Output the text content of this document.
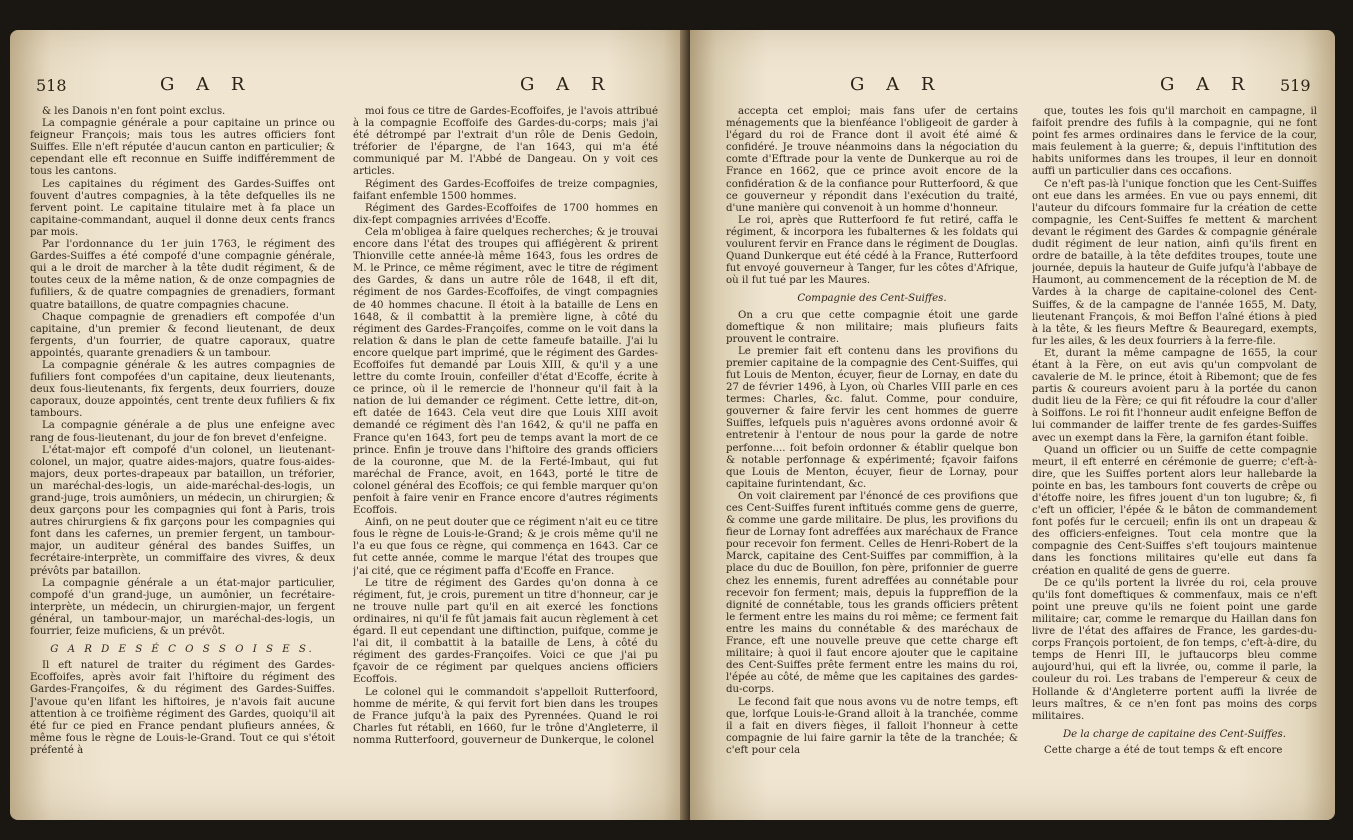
518	G A R	G A R

& les Danois n'en font point exclus.

La compagnie générale a pour capitaine un prince ou feigneur François; mais tous les autres officiers font Suiffes. Elle n'eft réputée d'aucun canton en particulier; & cependant elle eft reconnue en Suiffe indifféremment de tous les cantons.

Les capitaines du régiment des Gardes-Suiffes ont fouvent d'autres compagnies, à la tête defquelles ils ne fervent point. Le capitaine titulaire met à fa place un capitaine-commandant, auquel il donne deux cents francs par mois.

Par l'ordonnance du 1er juin 1763, le régiment des Gardes-Suiffes a été compofé d'une compagnie générale, qui a le droit de marcher à la tête dudit régiment, & de toutes ceux de la même nation, & de onze compagnies de fufiliers, & de quatre compagnies de grenadiers, formant quatre bataillons, de quatre compagnies chacune.

Chaque compagnie de grenadiers eft compofée d'un capitaine, d'un premier & fecond lieutenant, de deux fergents, d'un fourrier, de quatre caporaux, quatre appointés, quarante grenadiers & un tambour.

La compagnie générale & les autres compagnies de fufiliers font compofées d'un capitaine, deux lieutenants, deux fous-lieutenants, fix fergents, deux fourriers, douze caporaux, douze appointés, cent trente deux fufiliers & fix tambours.

La compagnie générale a de plus une enfeigne avec rang de fous-lieutenant, du jour de fon brevet d'enfeigne.

L'état-major eft compofé d'un colonel, un lieutenant-colonel, un major, quatre aides-majors, quatre fous-aides-majors, deux portes-drapeaux par bataillon, un tréforier, un maréchal-des-logis, un aide-maréchal-des-logis, un grand-juge, trois aumôniers, un médecin, un chirurgien; & deux garçons pour les compagnies qui font à Paris, trois autres chirurgiens & fix garçons pour les compagnies qui font dans les cafernes, un premier fergent, un tambour-major, un auditeur général des bandes Suiffes, un fecrétaire-interprète, un commiffaire des vivres, & deux prévôts par bataillon.

La compagnie générale a un état-major particulier, compofé d'un grand-juge, un aumônier, un fecrétaire-interprète, un médecin, un chirurgien-major, un fergent général, un tambour-major, un maréchal-des-logis, un fourrier, feize muficiens, & un prévôt.

G A R D E S É C O S S O I S E S.

Il eft naturel de traiter du régiment des Gardes-Ecoffoifes, après avoir fait l'hiftoire du régiment des Gardes-Françoifes, & du régiment des Gardes-Suiffes. J'avoue qu'en lifant les hiftoires, je n'avois fait aucune attention à ce troifième régiment des Gardes, quoiqu'il ait été fur ce pied en France pendant plufieurs années, & même fous le règne de Louis-le-Grand. Tout ce qui s'étoit préfenté à

moi fous ce titre de Gardes-Ecoffoifes, je l'avois attribué à la compagnie Ecoffoife des Gardes-du-corps; mais j'ai été détrompé par l'extrait d'un rôle de Denis Gedoin, tréforier de l'épargne, de l'an 1643, qui m'a été communiqué par M. l'Abbé de Dangeau. On y voit ces articles.

Régiment des Gardes-Ecoffoifes de treize compagnies, faifant enfemble 1500 hommes.

Régiment des Gardes-Ecoffoifes de 1700 hommes en dix-fept compagnies arrivées d'Ecoffe.

Cela m'obligea à faire quelques recherches; & je trouvai encore dans l'état des troupes qui affiégèrent & prirent Thionville cette année-là même 1643, fous les ordres de M. le Prince, ce même régiment, avec le titre de régiment des Gardes, & dans un autre rôle de 1648, il eft dit, régiment de nos Gardes-Ecoffoifes, de vingt compagnies de 40 hommes chacune. Il étoit à la bataille de Lens en 1648, & il combattit à la première ligne, à côté du régiment des Gardes-Françoifes, comme on le voit dans la relation & dans le plan de cette fameufe bataille. J'ai lu encore quelque part imprimé, que le régiment des Gardes-Ecoffoifes fut demandé par Louis XIII, & qu'il y a une lettre du comte Irouin, confeiller d'état d'Ecoffe, écrite à ce prince, où il le remercie de l'honneur qu'il fait à la nation de lui demander ce régiment. Cette lettre, dit-on, eft datée de 1643. Cela veut dire que Louis XIII avoit demandé ce régiment dès l'an 1642, & qu'il ne paffa en France qu'en 1643, fort peu de temps avant la mort de ce prince. Enfin je trouve dans l'hiftoire des grands officiers de la couronne, que M. de la Ferté-Imbaut, qui fut maréchal de France, avoit, en 1643, porté le titre de colonel général des Ecoffois; ce qui femble marquer qu'on penfoit à faire venir en France encore d'autres régiments Ecoffois.

Ainfi, on ne peut douter que ce régiment n'ait eu ce titre fous le règne de Louis-le-Grand; & je crois même qu'il ne l'a eu que fous ce règne, qui commença en 1643. Car ce fut cette année, comme le marque l'état des troupes que j'ai cité, que ce régiment paffa d'Ecoffe en France.

Le titre de régiment des Gardes qu'on donna à ce régiment, fut, je crois, purement un titre d'honneur, car je ne trouve nulle part qu'il en ait exercé les fonctions ordinaires, ni qu'il fe fût jamais fait aucun règlement à cet égard. Il eut cependant une diftinction, puifque, comme je l'ai dit, il combattit à la bataille de Lens, à côté du régiment des gardes-Françoifes. Voici ce que j'ai pu fçavoir de ce régiment par quelques anciens officiers Ecoffois.

Le colonel qui le commandoit s'appelloit Rutterfoord, homme de mérite, & qui fervit fort bien dans les troupes de France jufqu'à la paix des Pyrennées. Quand le roi Charles fut rétabli, en 1660, fur le trône d'Angleterre, il nomma Rutterfoord, gouverneur de Dunkerque, le colonel

G A R	G A R 519

accepta cet emploi; mais fans ufer de certains ménagements que la bienféance l'obligeoit de garder à l'égard du roi de France dont il avoit été aimé & confidéré. Je trouve néanmoins dans la négociation du comte d'Eftrade pour la vente de Dunkerque au roi de France en 1662, que ce prince avoit encore de la confidération & de la confiance pour Rutterfoord, & que ce gouverneur y répondit dans l'exécution du traité, d'une manière qui convenoit à un homme d'honneur.

Le roi, après que Rutterfoord fe fut retiré, caffa le régiment, & incorpora les fubalternes & les foldats qui voulurent fervir en France dans le régiment de Douglas. Quand Dunkerque eut été cédé à la France, Rutterfoord fut envoyé gouverneur à Tanger, fur les côtes d'Afrique, où il fut tué par les Maures.

Compagnie des Cent-Suiffes.

On a cru que cette compagnie étoit une garde domeftique & non militaire; mais plufieurs faits prouvent le contraire.

Le premier fait eft contenu dans les provifions du premier capitaine de la compagnie des Cent-Suiffes, qui fut Louis de Menton, écuyer, fieur de Lornay, en date du 27 de février 1496, à Lyon, où Charles VIII parle en ces termes: Charles, &c. falut. Comme, pour conduire, gouverner & faire fervir les cent hommes de guerre Suiffes, lefquels puis n'aguères avons ordonné avoir & entretenir à l'entour de nous pour la garde de notre perfonne.... foit befoin ordonner & établir quelque bon & notable perfonnage & expérimenté; fçavoir faifons que Louis de Menton, écuyer, fieur de Lornay, pour capitaine furintendant, &c.

On voit clairement par l'énoncé de ces provifions que ces Cent-Suiffes furent inftitués comme gens de guerre, & comme une garde militaire. De plus, les provifions du fieur de Lornay font adreffées aux maréchaux de France pour recevoir fon ferment. Celles de Henri-Robert de la Marck, capitaine des Cent-Suiffes par commiffion, à la place du duc de Bouillon, fon père, prifonnier de guerre chez les ennemis, furent adreffées au connétable pour recevoir fon ferment; mais, depuis la fuppreffion de la dignité de connétable, tous les grands officiers prêtent le ferment entre les mains du roi même; ce ferment fait entre les mains du connétable & des maréchaux de France, eft une nouvelle preuve que cette charge eft militaire; à quoi il faut encore ajouter que le capitaine des Cent-Suiffes prête ferment entre les mains du roi, l'épée au côté, de même que les capitaines des gardes-du-corps.

Le fecond fait que nous avons vu de notre temps, eft que, lorfque Louis-le-Grand alloit à la tranchée, comme il a fait en divers fièges, il falloit l'honneur à cette compagnie de lui faire garnir la tête de la tranchée; & c'eft pour cela

que, toutes les fois qu'il marchoit en campagne, il faifoit prendre des fufils à la compagnie, qui ne font point fes armes ordinaires dans le fervice de la cour, mais feulement à la guerre; &, depuis l'inftitution des habits uniformes dans les troupes, il leur en donnoit auffi un particulier dans ces occafions.

Ce n'eft pas-là l'unique fonction que les Cent-Suiffes ont eue dans les armées. En vue ou pays ennemi, dit l'auteur du difcours fommaire fur la création de cette compagnie, les Cent-Suiffes fe mettent & marchent devant le régiment des Gardes & compagnie générale dudit régiment de leur nation, ainfi qu'ils firent en ordre de bataille, à la tête defdites troupes, toute une journée, depuis la hauteur de Guife jufqu'à l'abbaye de Haumont, au commencement de la réception de M. de Vardes à la charge de capitaine-colonel des Cent-Suiffes, & de la campagne de l'année 1655, M. Daty, lieutenant François, & moi Beffon l'aîné étions à pied à la tête, & les fieurs Meftre & Beauregard, exempts, fur les ailes, & les deux fourriers à la ferre-file.

Et, durant la même campagne de 1655, la cour étant à la Fère, on eut avis qu'un compvolant de cavalerie de M. le prince, étoit à Ribemont; que de fes partis & coureurs avoient paru à la portée du canon dudit lieu de la Fère; ce qui fit réfoudre la cour d'aller à Soiffons. Le roi fit l'honneur audit enfeigne Beffon de lui commander de laiffer trente de fes gardes-Suiffes avec un exempt dans la Fère, la garnifon étant foible.

Quand un officier ou un Suiffe de cette compagnie meurt, il eft enterré en cérémonie de guerre; c'eft-à-dire, que les Suiffes portent alors leur hallebarde la pointe en bas, les tambours font couverts de crêpe ou d'étoffe noire, les fifres jouent d'un ton lugubre; &, fi c'eft un officier, l'épée & le bâton de commandement font pofés fur le cercueil; enfin ils ont un drapeau & des officiers-enfeignes. Tout cela montre que la compagnie des Cent-Suiffes s'eft toujours maintenue dans les fonctions militaires qu'elle eut dans fa création en qualité de gens de guerre.

De ce qu'ils portent la livrée du roi, cela prouve qu'ils font domeftiques & commenfaux, mais ce n'eft point une preuve qu'ils ne foient point une garde militaire; car, comme le remarque du Haillan dans fon livre de l'état des affaires de France, les gardes-du-corps François portoient, de fon temps, c'eft-à-dire, du temps de Henri III, le juftaucorps bleu comme aujourd'hui, qui eft la livrée, ou, comme il parle, la couleur du roi. Les trabans de l'empereur & ceux de Hollande & d'Angleterre portent auffi la livrée de leurs maîtres, & ce n'en font pas moins des corps militaires.

De la charge de capitaine des Cent-Suiffes.

Cette charge a été de tout temps & eft encore
